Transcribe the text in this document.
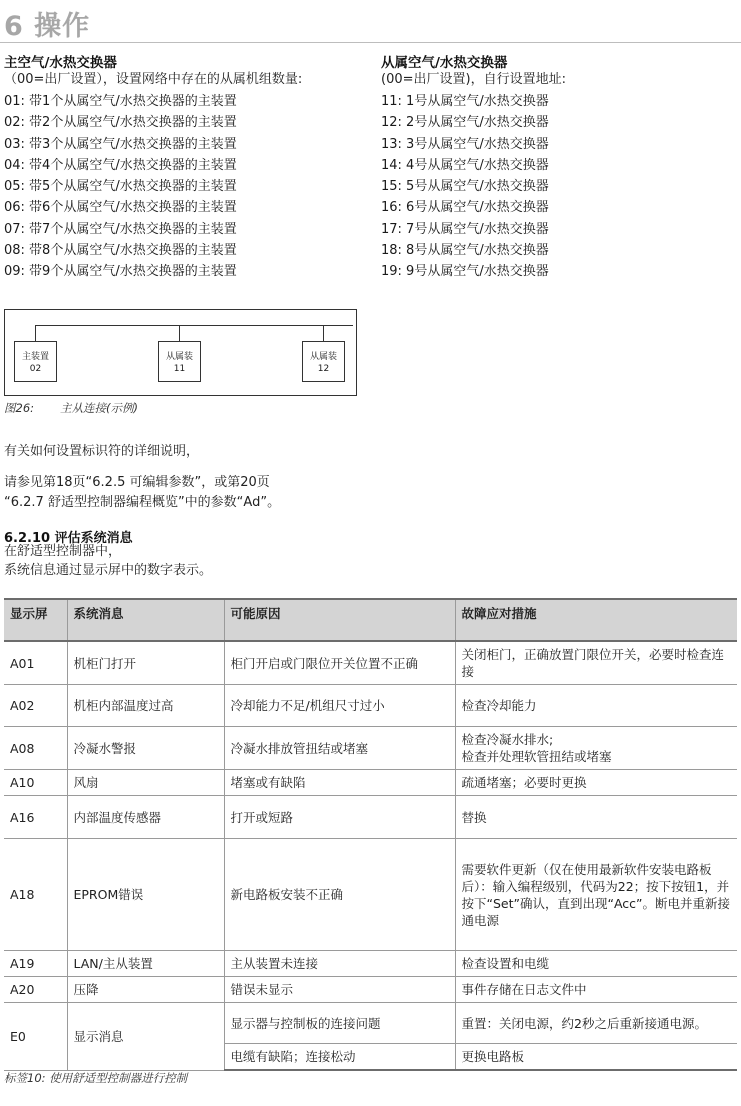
6 操作
主空气/水热交换器
（00=出厂设置），设置网络中存在的从属机组数量:
01: 带1个从属空气/水热交换器的主装置
02: 带2个从属空气/水热交换器的主装置
03: 带3个从属空气/水热交换器的主装置
04: 带4个从属空气/水热交换器的主装置
05: 带5个从属空气/水热交换器的主装置
06: 带6个从属空气/水热交换器的主装置
07: 带7个从属空气/水热交换器的主装置
08: 带8个从属空气/水热交换器的主装置
09: 带9个从属空气/水热交换器的主装置
从属空气/水热交换器
(00=出厂设置)，自行设置地址:
11: 1号从属空气/水热交换器
12: 2号从属空气/水热交换器
13: 3号从属空气/水热交换器
14: 4号从属空气/水热交换器
15: 5号从属空气/水热交换器
16: 6号从属空气/水热交换器
17: 7号从属空气/水热交换器
18: 8号从属空气/水热交换器
19: 9号从属空气/水热交换器
主装置
02
从属装
11
从属装
12
图26: 主从连接(示例)
有关如何设置标识符的详细说明，
请参见第18页“6.2.5 可编辑参数”，或第20页
“6.2.7 舒适型控制器编程概览”中的参数“Ad”。
6.2.10 评估系统消息
在舒适型控制器中，
系统信息通过显示屏中的数字表示。
显示屏	系统消息	可能原因	故障应对措施
A01	机柜门打开	柜门开启或门限位开关位置不正确	关闭柜门，正确放置门限位开关，必要时检查连接
A02	机柜内部温度过高	冷却能力不足/机组尺寸过小	检查冷却能力
A08	冷凝水警报	冷凝水排放管扭结或堵塞	检查冷凝水排水;
检查并处理软管扭结或堵塞
A10	风扇	堵塞或有缺陷	疏通堵塞；必要时更换
A16	内部温度传感器	打开或短路	替换
A18	EPROM错误	新电路板安装不正确	需要软件更新（仅在使用最新软件安装电路板后）：输入编程级别，代码为22；按下按钮1，并按下“Set”确认，直到出现“Acc”。断电并重新接通电源
A19	LAN/主从装置	主从装置未连接	检查设置和电缆
A20	压降	错误未显示	事件存储在日志文件中
E0	显示消息	显示器与控制板的连接问题	重置：关闭电源，约2秒之后重新接通电源。
		电缆有缺陷；连接松动	更换电路板
标签10: 使用舒适型控制器进行控制
